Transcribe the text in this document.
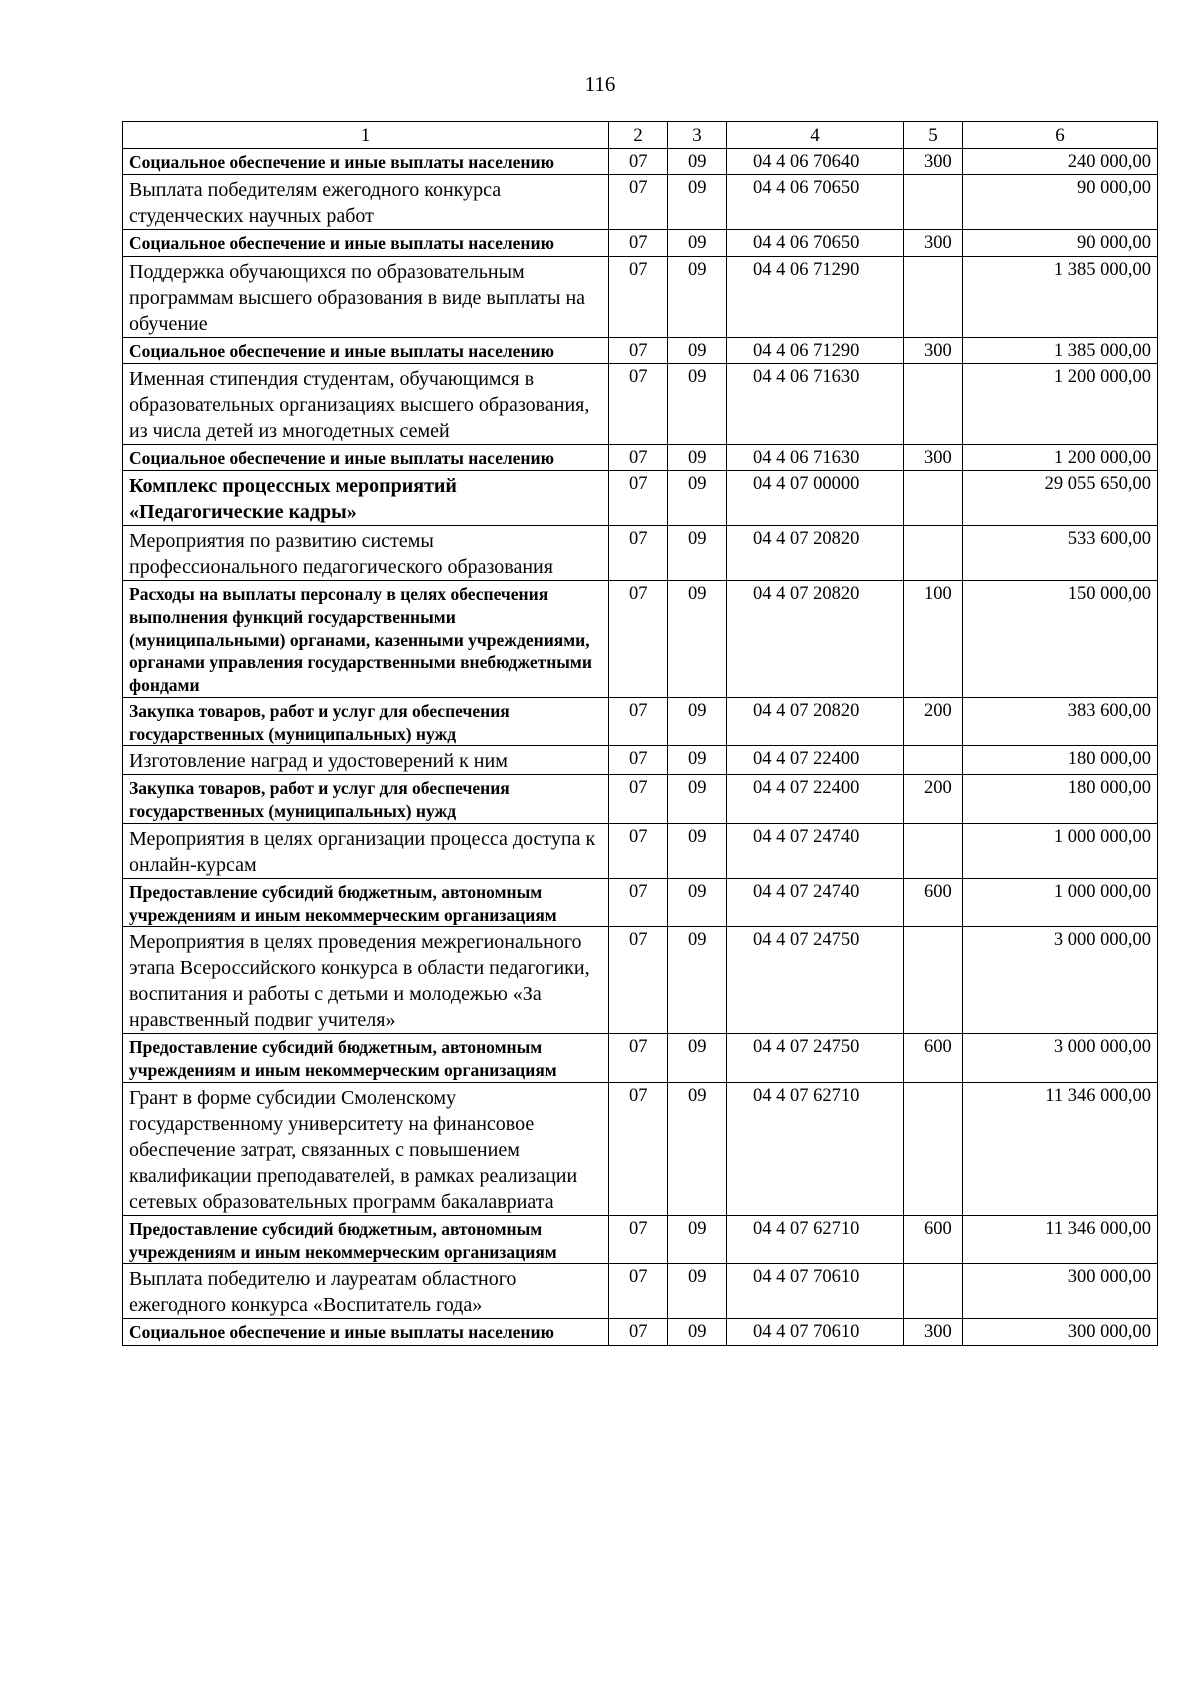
116
1	2	3	4	5	6
Социальное обеспечение и иные выплаты населению	07	09	04 4 06 70640	300	240 000,00
Выплата победителям ежегодного конкурса студенческих научных работ	07	09	04 4 06 70650		90 000,00
Социальное обеспечение и иные выплаты населению	07	09	04 4 06 70650	300	90 000,00
Поддержка обучающихся по образовательным программам высшего образования в виде выплаты на обучение	07	09	04 4 06 71290		1 385 000,00
Социальное обеспечение и иные выплаты населению	07	09	04 4 06 71290	300	1 385 000,00
Именная стипендия студентам, обучающимся в образовательных организациях высшего образования, из числа детей из многодетных семей	07	09	04 4 06 71630		1 200 000,00
Социальное обеспечение и иные выплаты населению	07	09	04 4 06 71630	300	1 200 000,00
Комплекс процессных мероприятий «Педагогические кадры»	07	09	04 4 07 00000		29 055 650,00
Мероприятия по развитию системы профессионального педагогического образования	07	09	04 4 07 20820		533 600,00
Расходы на выплаты персоналу в целях обеспечения выполнения функций государственными (муниципальными) органами, казенными учреждениями, органами управления государственными внебюджетными фондами	07	09	04 4 07 20820	100	150 000,00
Закупка товаров, работ и услуг для обеспечения государственных (муниципальных) нужд	07	09	04 4 07 20820	200	383 600,00
Изготовление наград и удостоверений к ним	07	09	04 4 07 22400		180 000,00
Закупка товаров, работ и услуг для обеспечения государственных (муниципальных) нужд	07	09	04 4 07 22400	200	180 000,00
Мероприятия в целях организации процесса доступа к онлайн-курсам	07	09	04 4 07 24740		1 000 000,00
Предоставление субсидий бюджетным, автономным учреждениям и иным некоммерческим организациям	07	09	04 4 07 24740	600	1 000 000,00
Мероприятия в целях проведения межрегионального этапа Всероссийского конкурса в области педагогики, воспитания и работы с детьми и молодежью «За нравственный подвиг учителя»	07	09	04 4 07 24750		3 000 000,00
Предоставление субсидий бюджетным, автономным учреждениям и иным некоммерческим организациям	07	09	04 4 07 24750	600	3 000 000,00
Грант в форме субсидии Смоленскому государственному университету на финансовое обеспечение затрат, связанных с повышением квалификации преподавателей, в рамках реализации сетевых образовательных программ бакалавриата	07	09	04 4 07 62710		11 346 000,00
Предоставление субсидий бюджетным, автономным учреждениям и иным некоммерческим организациям	07	09	04 4 07 62710	600	11 346 000,00
Выплата победителю и лауреатам областного ежегодного конкурса «Воспитатель года»	07	09	04 4 07 70610		300 000,00
Социальное обеспечение и иные выплаты населению	07	09	04 4 07 70610	300	300 000,00
